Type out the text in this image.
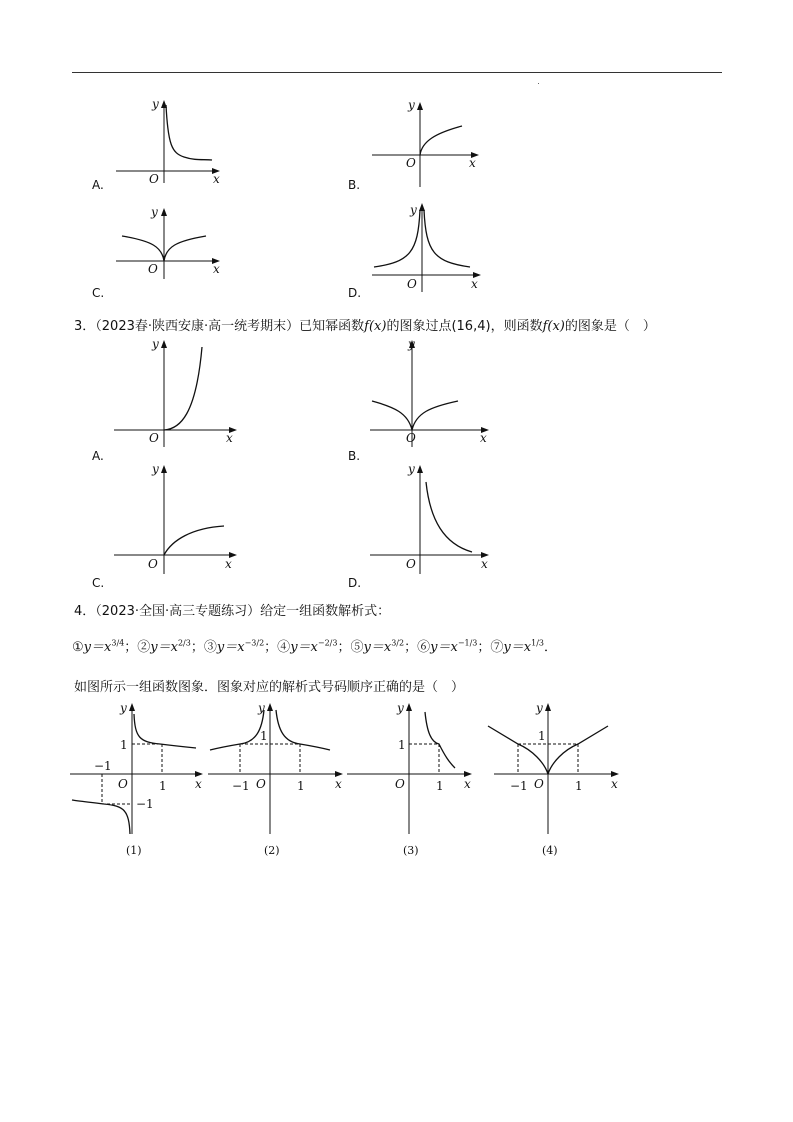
y
O	x
A.
y
O	x
B.
y
O	x
C.
y
O	x
D.
3．（2023春·陕西安康·高一统考期末）已知幂函数f(x)的图象过点(16,4)，则函数f(x)的图象是（　）
y
O	x
A.
y
O	x
B.
y
O	x
C.
y
O	x
D.
4．（2023·全国·高三专题练习）给定一组函数解析式：
$①y=x^{3/4}$；$②y=x^{2/3}$；$③y=x^{-3/2}$；$④y=x^{-2/3}$；$⑤y=x^{3/2}$；$⑥y=x^{-1/3}$；$⑦y=x^{1/3}$．
如图所示一组函数图象．图象对应的解析式号码顺序正确的是（　）
y
O	x
1
1
−1
−1
(1)
y
O	x
1
1
−1
(2)
y
O	x
1
1
(3)
y
O	x
1
1
−1
(4)
